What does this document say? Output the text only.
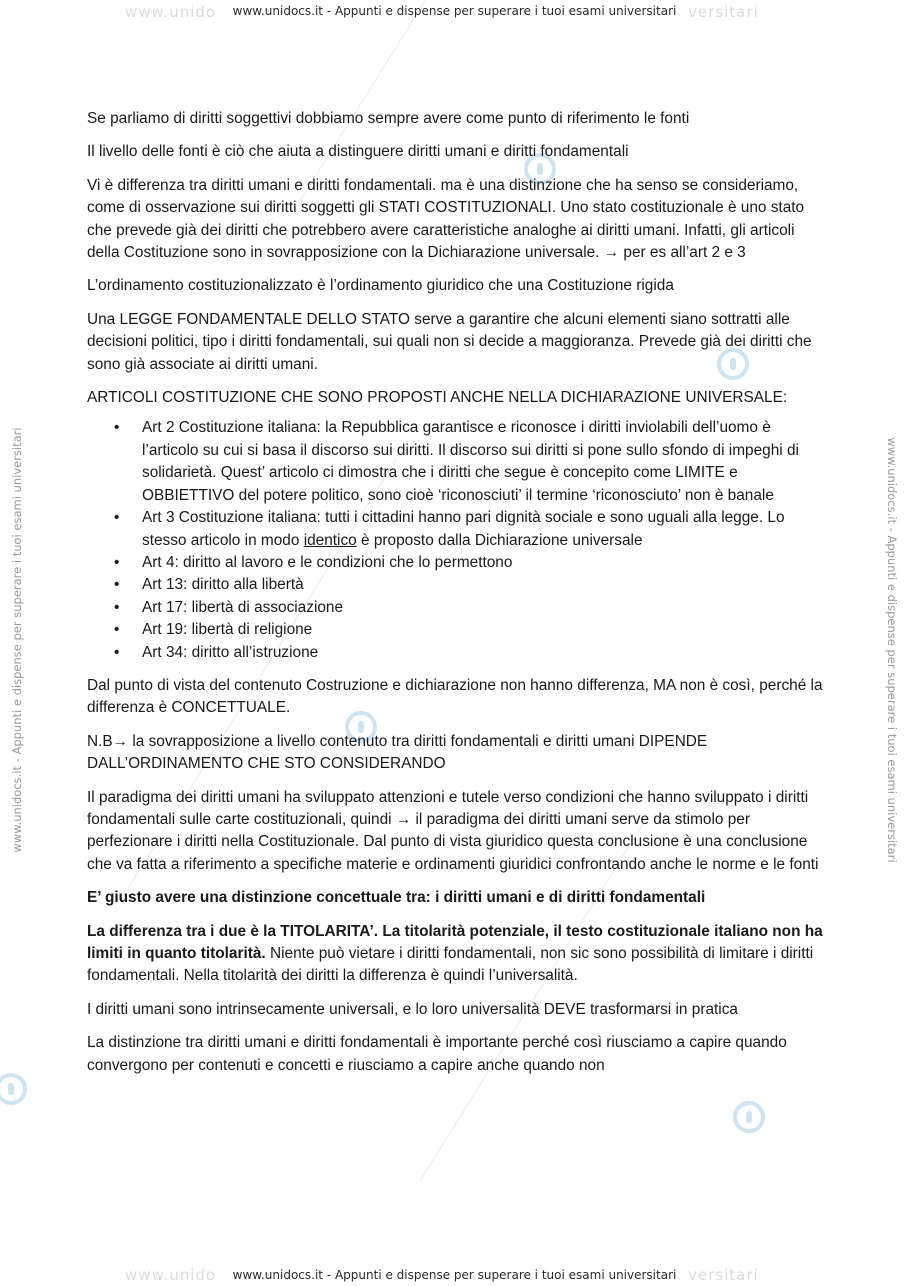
www.unido	versitari
www.unido	versitari
www.unidocs.it - Appunti e dispense per superare i tuoi esami universitari
www.unidocs.it - Appunti e dispense per superare i tuoi esami universitari
www.unidocs.it - Appunti e dispense per superare i tuoi esami universitari	www.unidocs.it - Appunti e dispense per superare i tuoi esami universitari

Se parliamo di diritti soggettivi dobbiamo sempre avere come punto di riferimento le fonti

Il livello delle fonti è ciò che aiuta a distinguere diritti umani e diritti fondamentali

Vi è differenza tra diritti umani e diritti fondamentali. ma è una distinzione che ha senso se consideriamo, come di osservazione sui diritti soggetti gli STATI COSTITUZIONALI. Uno stato costituzionale è uno stato che prevede già dei diritti che potrebbero avere caratteristiche analoghe ai diritti umani. Infatti, gli articoli della Costituzione sono in sovrapposizione con la Dichiarazione universale. → per es all’art 2 e 3

L’ordinamento costituzionalizzato è l’ordinamento giuridico che una Costituzione rigida

Una LEGGE FONDAMENTALE DELLO STATO serve a garantire che alcuni elementi siano sottratti alle decisioni politici, tipo i diritti fondamentali, sui quali non si decide a maggioranza. Prevede già dei diritti che sono già associate ai diritti umani.

ARTICOLI COSTITUZIONE CHE SONO PROPOSTI ANCHE NELLA DICHIARAZIONE UNIVERSALE:

• Art 2 Costituzione italiana: la Repubblica garantisce e riconosce i diritti inviolabili dell’uomo è l’articolo su cui si basa il discorso sui diritti. Il discorso sui diritti si pone sullo sfondo di impeghi di solidarietà. Quest’ articolo ci dimostra che i diritti che segue è concepito come LIMITE e OBBIETTIVO del potere politico, sono cioè ‘riconosciuti’ il termine ‘riconosciuto’ non è banale
• Art 3 Costituzione italiana: tutti i cittadini hanno pari dignità sociale e sono uguali alla legge. Lo stesso articolo in modo identico è proposto dalla Dichiarazione universale
• Art 4: diritto al lavoro e le condizioni che lo permettono
• Art 13: diritto alla libertà
• Art 17: libertà di associazione
• Art 19: libertà di religione
• Art 34: diritto all’istruzione

Dal punto di vista del contenuto Costruzione e dichiarazione non hanno differenza, MA non è così, perché la differenza è CONCETTUALE.

N.B→ la sovrapposizione a livello contenuto tra diritti fondamentali e diritti umani DIPENDE DALL’ORDINAMENTO CHE STO CONSIDERANDO

Il paradigma dei diritti umani ha sviluppato attenzioni e tutele verso condizioni che hanno sviluppato i diritti fondamentali sulle carte costituzionali, quindi → il paradigma dei diritti umani serve da stimolo per perfezionare i diritti nella Costituzionale. Dal punto di vista giuridico questa conclusione è una conclusione che va fatta a riferimento a specifiche materie e ordinamenti giuridici confrontando anche le norme e le fonti

E’ giusto avere una distinzione concettuale tra: i diritti umani e di diritti fondamentali

La differenza tra i due è la TITOLARITA’. La titolarità potenziale, il testo costituzionale italiano non ha limiti in quanto titolarità. Niente può vietare i diritti fondamentali, non sic sono possibilità di limitare i diritti fondamentali. Nella titolarità dei diritti la differenza è quindi l’universalità.

I diritti umani sono intrinsecamente universali, e lo loro universalità DEVE trasformarsi in pratica

La distinzione tra diritti umani e diritti fondamentali è importante perché così riusciamo a capire quando convergono per contenuti e concetti e riusciamo a capire anche quando non
